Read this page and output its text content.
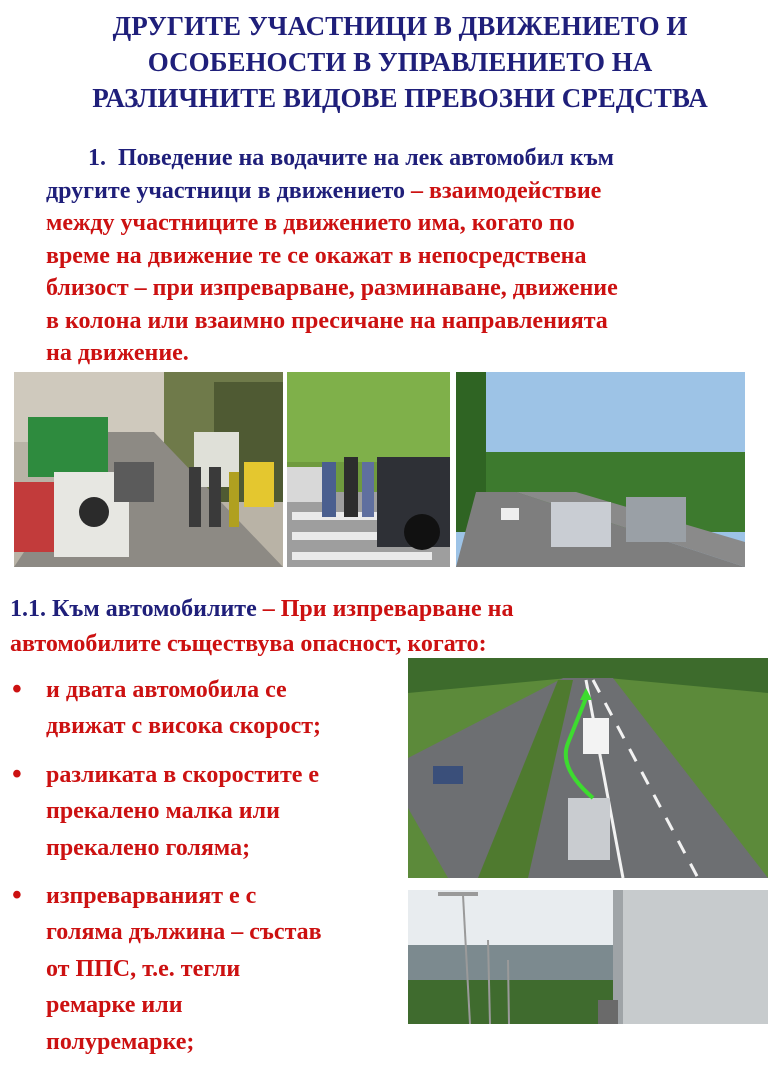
ДРУГИТЕ УЧАСТНИЦИ В ДВИЖЕНИЕТО И
ОСОБЕНОСТИ В УПРАВЛЕНИЕТО НА
РАЗЛИЧНИТЕ ВИДОВЕ ПРЕВОЗНИ СРЕДСТВА
1. Поведение на водачите на лек автомобил към
другите участници в движението – взаимодействие
между участниците в движението има, когато по
време на движение те се окажат в непосредствена
близост – при изпреварване, разминаване, движение
в колона или взаимно пресичане на направленията
на движение.
1.1. Към автомобилите – При изпреварване на
автомобилите съществува опасност, когато:
• и двата автомобила се
движат с висока скорост;
• разликата в скоростите е
прекалено малка или
прекалено голяма;
• изпреварваният е с
голяма дължина – състав
от ППС, т.е. тегли
ремарке или
полуремарке;
